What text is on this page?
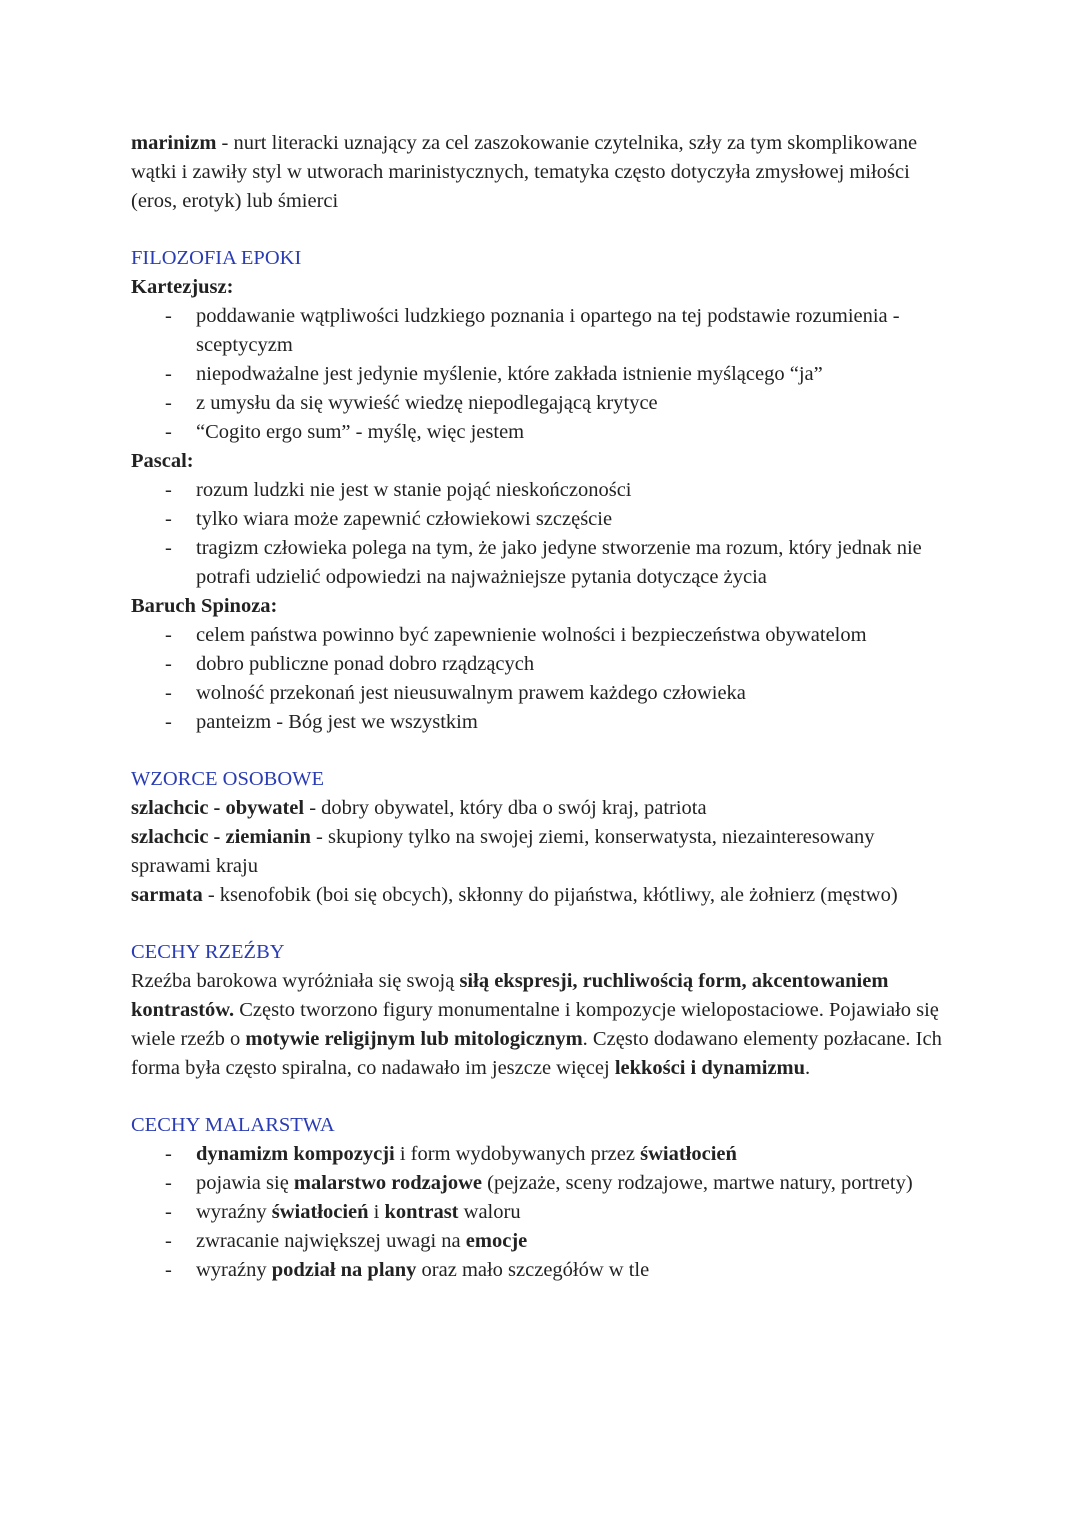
marinizm - nurt literacki uznający za cel zaszokowanie czytelnika, szły za tym skomplikowane wątki i zawiły styl w utworach marinistycznych, tematyka często dotyczyła zmysłowej miłości (eros, erotyk) lub śmierci

FILOZOFIA EPOKI

Kartezjusz:

- poddawanie wątpliwości ludzkiego poznania i opartego na tej podstawie rozumienia - sceptycyzm
- niepodważalne jest jedynie myślenie, które zakłada istnienie myślącego “ja”
- z umysłu da się wywieść wiedzę niepodlegającą krytyce
- “Cogito ergo sum” - myślę, więc jestem

Pascal:

- rozum ludzki nie jest w stanie pojąć nieskończoności
- tylko wiara może zapewnić człowiekowi szczęście
- tragizm człowieka polega na tym, że jako jedyne stworzenie ma rozum, który jednak nie potrafi udzielić odpowiedzi na najważniejsze pytania dotyczące życia

Baruch Spinoza:

- celem państwa powinno być zapewnienie wolności i bezpieczeństwa obywatelom
- dobro publiczne ponad dobro rządzących
- wolność przekonań jest nieusuwalnym prawem każdego człowieka
- panteizm - Bóg jest we wszystkim

WZORCE OSOBOWE

szlachcic - obywatel - dobry obywatel, który dba o swój kraj, patriota

szlachcic - ziemianin - skupiony tylko na swojej ziemi, konserwatysta, niezainteresowany sprawami kraju

sarmata - ksenofobik (boi się obcych), skłonny do pijaństwa, kłótliwy, ale żołnierz (męstwo)

CECHY RZEŹBY

Rzeźba barokowa wyróżniała się swoją siłą ekspresji, ruchliwością form, akcentowaniem kontrastów. Często tworzono figury monumentalne i kompozycje wielopostaciowe. Pojawiało się wiele rzeźb o motywie religijnym lub mitologicznym. Często dodawano elementy pozłacane. Ich forma była często spiralna, co nadawało im jeszcze więcej lekkości i dynamizmu.

CECHY MALARSTWA

- dynamizm kompozycji i form wydobywanych przez światłocień
- pojawia się malarstwo rodzajowe (pejzaże, sceny rodzajowe, martwe natury, portrety)
- wyraźny światłocień i kontrast waloru
- zwracanie największej uwagi na emocje
- wyraźny podział na plany oraz mało szczegółów w tle
